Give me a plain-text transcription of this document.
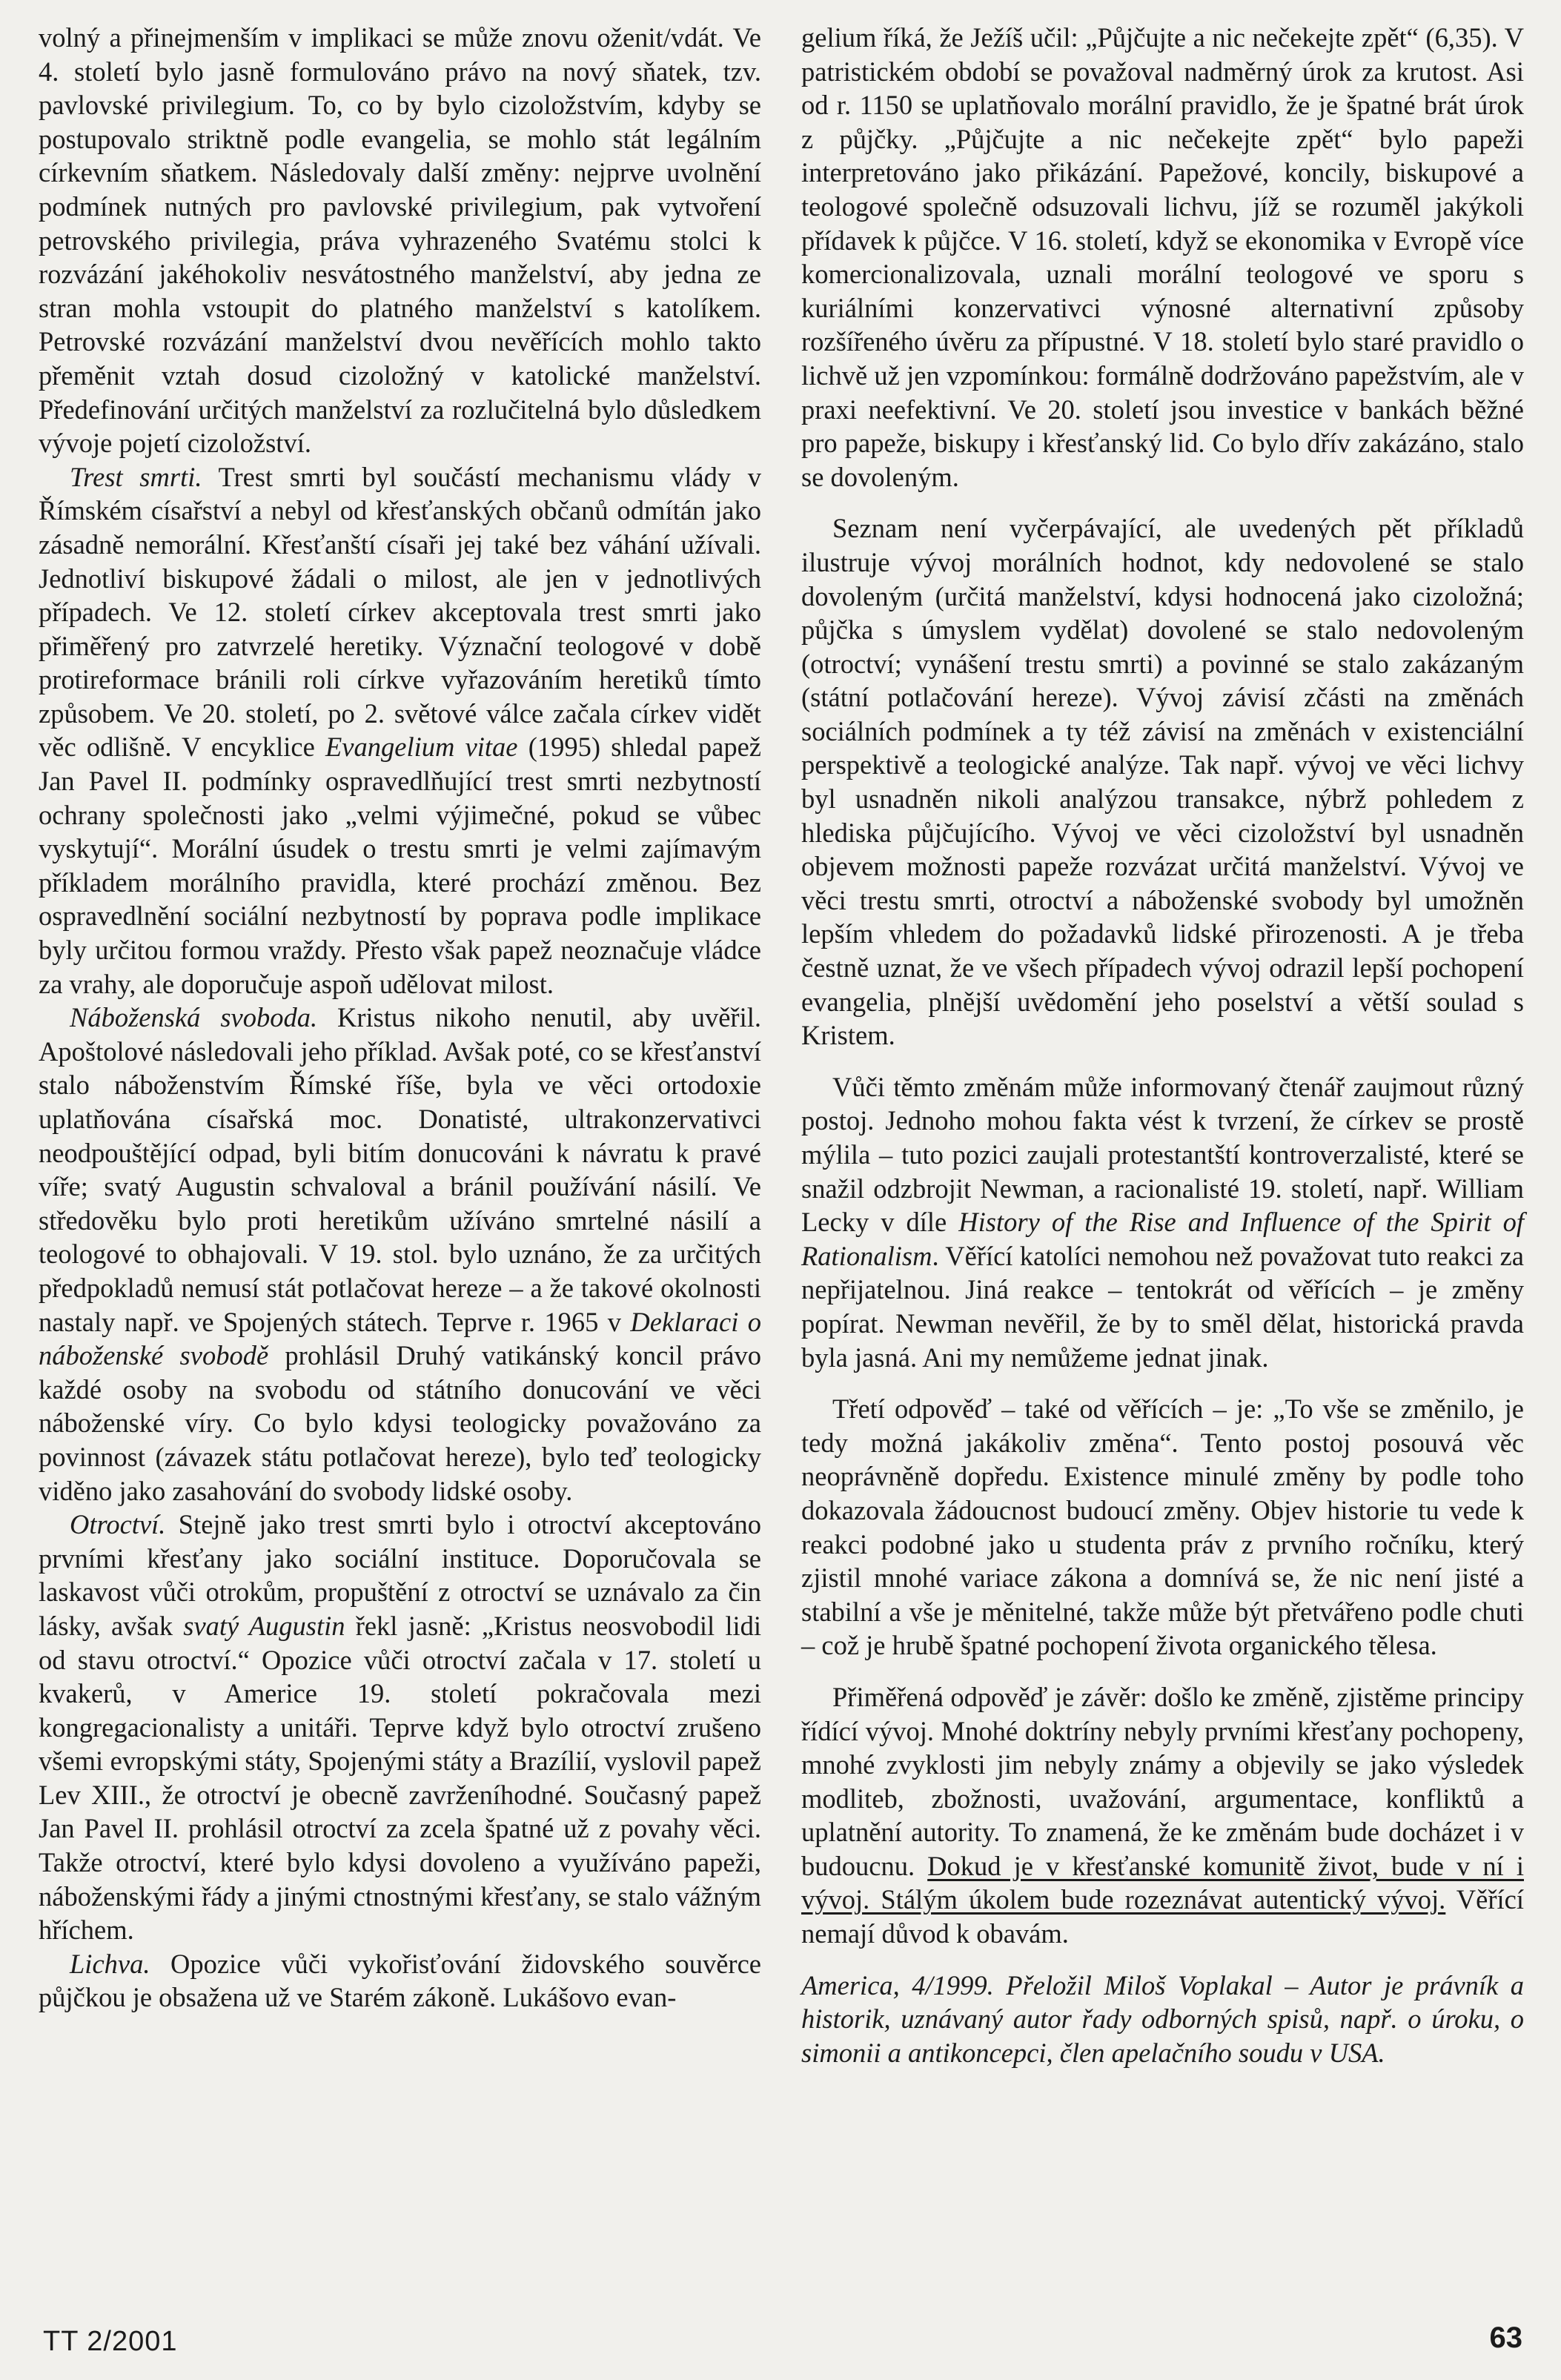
volný a přinejmenším v implikaci se může znovu oženit/vdát. Ve 4. století bylo jasně formulováno právo na nový sňatek, tzv. pavlovské privilegium. To, co by bylo cizoložstvím, kdyby se postupovalo striktně podle evangelia, se mohlo stát legálním církevním sňatkem. Následovaly další změny: nejprve uvolnění podmínek nutných pro pavlovské privilegium, pak vytvoření petrovského privilegia, práva vyhrazeného Svatému stolci k rozvázání jakéhokoliv nesvátostného manželství, aby jedna ze stran mohla vstoupit do platného manželství s katolíkem. Petrovské rozvázání manželství dvou nevěřících mohlo takto přeměnit vztah dosud cizoložný v katolické manželství. Předefinování určitých manželství za rozlučitelná bylo důsledkem vývoje pojetí cizoložství.

Trest smrti. Trest smrti byl součástí mechanismu vlády v Římském císařství a nebyl od křesťanských občanů odmítán jako zásadně nemorální. Křesťanští císaři jej také bez váhání užívali. Jednotliví biskupové žádali o milost, ale jen v jednotlivých případech. Ve 12. století církev akceptovala trest smrti jako přiměřený pro zatvrzelé heretiky. Význační teologové v době protireformace bránili roli církve vyřazováním heretiků tímto způsobem. Ve 20. století, po 2. světové válce začala církev vidět věc odlišně. V encyklice Evangelium vitae (1995) shledal papež Jan Pavel II. podmínky ospravedlňující trest smrti nezbytností ochrany společnosti jako „velmi výjimečné, pokud se vůbec vyskytují“. Morální úsudek o trestu smrti je velmi zajímavým příkladem morálního pravidla, které prochází změnou. Bez ospravedlnění sociální nezbytností by poprava podle implikace byly určitou formou vraždy. Přesto však papež neoznačuje vládce za vrahy, ale doporučuje aspoň udělovat milost.

Náboženská svoboda. Kristus nikoho nenutil, aby uvěřil. Apoštolové následovali jeho příklad. Avšak poté, co se křesťanství stalo náboženstvím Římské říše, byla ve věci ortodoxie uplatňována císařská moc. Donatisté, ultrakonzervativci neodpouštějící odpad, byli bitím donucováni k návratu k pravé víře; svatý Augustin schvaloval a bránil používání násilí. Ve středověku bylo proti heretikům užíváno smrtelné násilí a teologové to obhajovali. V 19. stol. bylo uznáno, že za určitých předpokladů nemusí stát potlačovat hereze – a že takové okolnosti nastaly např. ve Spojených státech. Teprve r. 1965 v Deklaraci o náboženské svobodě prohlásil Druhý vatikánský koncil právo každé osoby na svobodu od státního donucování ve věci náboženské víry. Co bylo kdysi teologicky považováno za povinnost (závazek státu potlačovat hereze), bylo teď teologicky viděno jako zasahování do svobody lidské osoby.

Otroctví. Stejně jako trest smrti bylo i otroctví akceptováno prvními křesťany jako sociální instituce. Doporučovala se laskavost vůči otrokům, propuštění z otroctví se uznávalo za čin lásky, avšak svatý Augustin řekl jasně: „Kristus neosvobodil lidi od stavu otroctví.“ Opozice vůči otroctví začala v 17. století u kvakerů, v Americe 19. století pokračovala mezi kongregacionalisty a unitáři. Teprve když bylo otroctví zrušeno všemi evropskými státy, Spojenými státy a Brazílií, vyslovil papež Lev XIII., že otroctví je obecně zavrženíhodné. Současný papež Jan Pavel II. prohlásil otroctví za zcela špatné už z povahy věci. Takže otroctví, které bylo kdysi dovoleno a využíváno papeži, náboženskými řády a jinými ctnostnými křesťany, se stalo vážným hříchem.

Lichva. Opozice vůči vykořisťování židovského souvěrce půjčkou je obsažena už ve Starém zákoně. Lukášovo evan-

gelium říká, že Ježíš učil: „Půjčujte a nic nečekejte zpět“ (6,35). V patristickém období se považoval nadměrný úrok za krutost. Asi od r. 1150 se uplatňovalo morální pravidlo, že je špatné brát úrok z půjčky. „Půjčujte a nic nečekejte zpět“ bylo papeži interpretováno jako přikázání. Papežové, koncily, biskupové a teologové společně odsuzovali lichvu, jíž se rozuměl jakýkoli přídavek k půjčce. V 16. století, když se ekonomika v Evropě více komercionalizovala, uznali morální teologové ve sporu s kuriálními konzervativci výnosné alternativní způsoby rozšířeného úvěru za přípustné. V 18. století bylo staré pravidlo o lichvě už jen vzpomínkou: formálně dodržováno papežstvím, ale v praxi neefektivní. Ve 20. století jsou investice v bankách běžné pro papeže, biskupy i křesťanský lid. Co bylo dřív zakázáno, stalo se dovoleným.

Seznam není vyčerpávající, ale uvedených pět příkladů ilustruje vývoj morálních hodnot, kdy nedovolené se stalo dovoleným (určitá manželství, kdysi hodnocená jako cizoložná; půjčka s úmyslem vydělat) dovolené se stalo nedovoleným (otroctví; vynášení trestu smrti) a povinné se stalo zakázaným (státní potlačování hereze). Vývoj závisí zčásti na změnách sociálních podmínek a ty též závisí na změnách v existenciální perspektivě a teologické analýze. Tak např. vývoj ve věci lichvy byl usnadněn nikoli analýzou transakce, nýbrž pohledem z hlediska půjčujícího. Vývoj ve věci cizoložství byl usnadněn objevem možnosti papeže rozvázat určitá manželství. Vývoj ve věci trestu smrti, otroctví a náboženské svobody byl umožněn lepším vhledem do požadavků lidské přirozenosti. A je třeba čestně uznat, že ve všech případech vývoj odrazil lepší pochopení evangelia, plnější uvědomění jeho poselství a větší soulad s Kristem.

Vůči těmto změnám může informovaný čtenář zaujmout různý postoj. Jednoho mohou fakta vést k tvrzení, že církev se prostě mýlila – tuto pozici zaujali protestantští kontroverzalisté, které se snažil odzbrojit Newman, a racionalisté 19. století, např. William Lecky v díle History of the Rise and Influence of the Spirit of Rationalism. Věřící katolíci nemohou než považovat tuto reakci za nepřijatelnou. Jiná reakce – tentokrát od věřících – je změny popírat. Newman nevěřil, že by to směl dělat, historická pravda byla jasná. Ani my nemůžeme jednat jinak.

Třetí odpověď – také od věřících – je: „To vše se změnilo, je tedy možná jakákoliv změna“. Tento postoj posouvá věc neoprávněně dopředu. Existence minulé změny by podle toho dokazovala žádoucnost budoucí změny. Objev historie tu vede k reakci podobné jako u studenta práv z prvního ročníku, který zjistil mnohé variace zákona a domnívá se, že nic není jisté a stabilní a vše je měnitelné, takže může být přetvářeno podle chuti – což je hrubě špatné pochopení života organického tělesa.

Přiměřená odpověď je závěr: došlo ke změně, zjistěme principy řídící vývoj. Mnohé doktríny nebyly prvními křesťany pochopeny, mnohé zvyklosti jim nebyly známy a objevily se jako výsledek modliteb, zbožnosti, uvažování, argumentace, konfliktů a uplatnění autority. To znamená, že ke změnám bude docházet i v budoucnu. Dokud je v křesťanské komunitě život, bude v ní i vývoj. Stálým úkolem bude rozeznávat autentický vývoj. Věřící nemají důvod k obavám.

America, 4/1999. Přeložil Miloš Voplakal – Autor je právník a historik, uznávaný autor řady odborných spisů, např. o úroku, o simonii a antikoncepci, člen apelačního soudu v USA.

TT 2/2001	63
